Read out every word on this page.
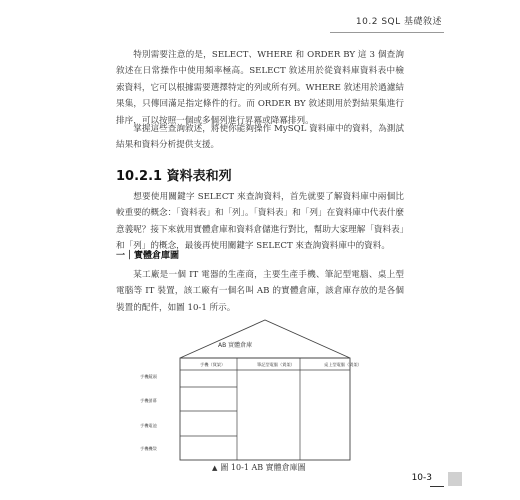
10.2 SQL 基礎敘述

特別需要注意的是，SELECT、WHERE 和 ORDER BY 這 3 個查詢敘述在日常操作中使用頻率極高。SELECT 敘述用於從資料庫資料表中檢索資料，它可以根據需要選擇特定的列或所有列。WHERE 敘述用於過濾結果集，只傳回滿足指定條件的行。而 ORDER BY 敘述則用於對結果集進行排序，可以按照一個或多個列進行昇冪或降冪排列。

掌握這些查詢敘述，將使你能夠操作 MySQL 資料庫中的資料，為測試結果和資料分析提供支援。

10.2.1 資料表和列

想要使用關鍵字 SELECT 來查詢資料，首先就要了解資料庫中兩個比較重要的概念：「資料表」和「列」。「資料表」和「列」在資料庫中代表什麼意義呢？接下來就用實體倉庫和資料倉儲進行對比，幫助大家理解「資料表」和「列」的概念，最後再使用關鍵字 SELECT 來查詢資料庫中的資料。

一｜實體倉庫圖

某工廠是一個 IT 電器的生產商，主要生產手機、筆記型電腦、桌上型電腦等 IT 裝置，該工廠有一個名叫 AB 的實體倉庫，該倉庫存放的是各個裝置的配件，如圖 10-1 所示。

AB 實體倉庫
手機（貨架）	筆記型電腦（貨架）	桌上型電腦（貨架）
手機鏡頭
手機螢幕
手機電池
手機機殼
▲ 圖 10-1 AB 實體倉庫圖
10-3
